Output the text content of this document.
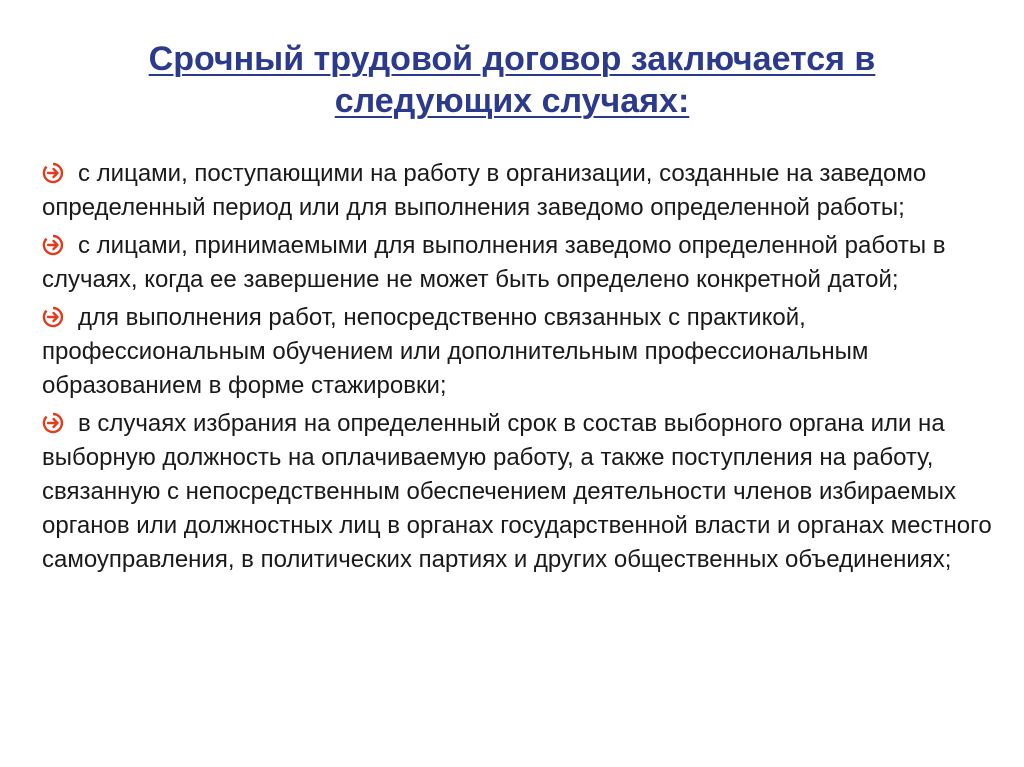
Срочный трудовой договор заключается в
следующих случаях:
с лицами, поступающими на работу в организации, созданные на заведомо определенный период или для выполнения заведомо определенной работы;
с лицами, принимаемыми для выполнения заведомо определенной работы в случаях, когда ее завершение не может быть определено конкретной датой;
для выполнения работ, непосредственно связанных с практикой, профессиональным обучением или дополнительным профессиональным образованием в форме стажировки;
в случаях избрания на определенный срок в состав выборного органа или на выборную должность на оплачиваемую работу, а также поступления на работу, связанную с непосредственным обеспечением деятельности членов избираемых органов или должностных лиц в органах государственной власти и органах местного самоуправления, в политических партиях и других общественных объединениях;
